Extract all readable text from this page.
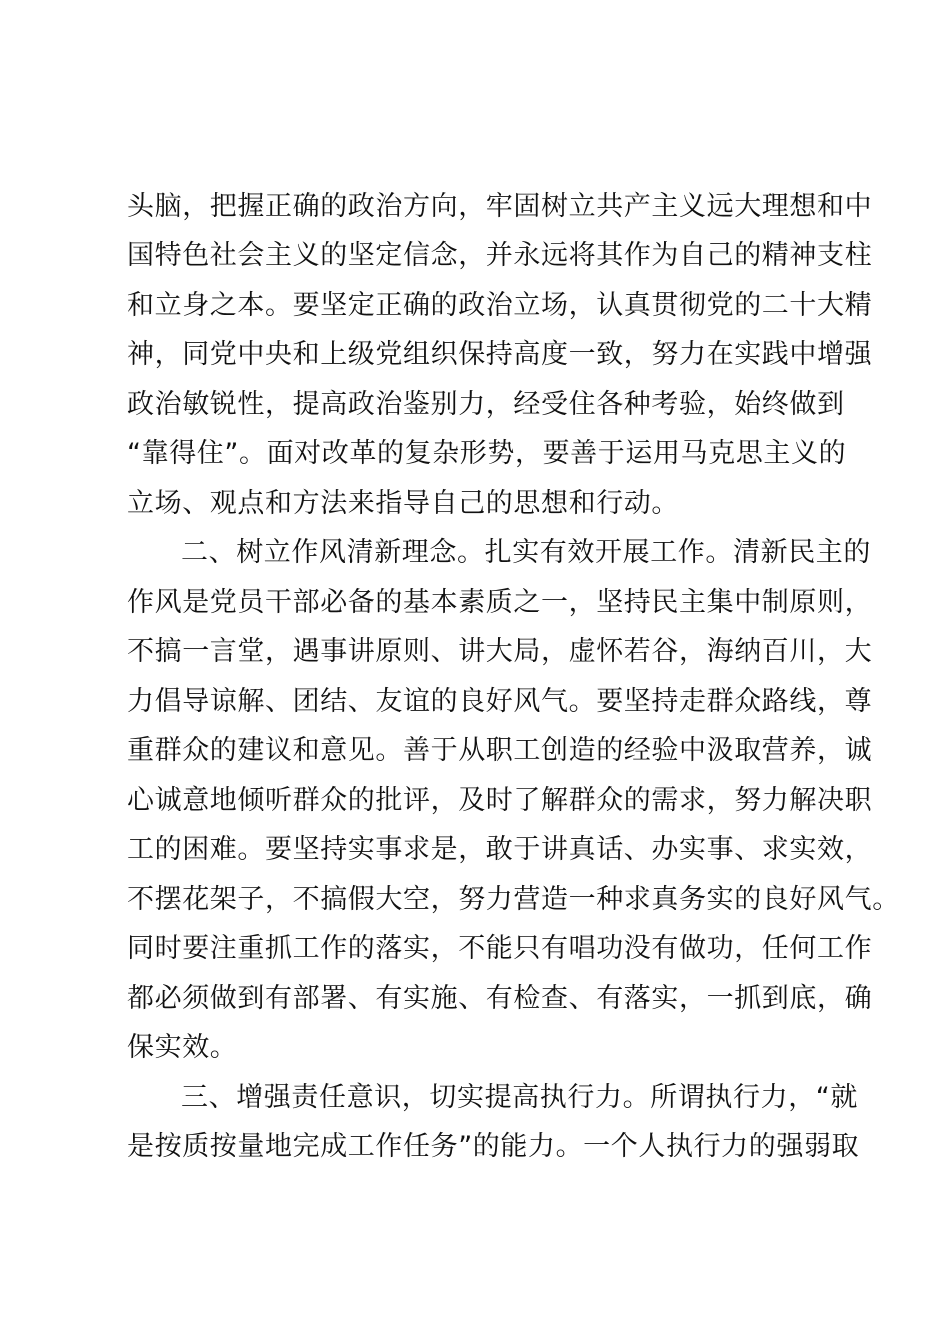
头脑，把握正确的政治方向，牢固树立共产主义远大理想和中
国特色社会主义的坚定信念，并永远将其作为自己的精神支柱
和立身之本。要坚定正确的政治立场，认真贯彻党的二十大精
神，同党中央和上级党组织保持高度一致，努力在实践中增强
政治敏锐性，提高政治鉴别力，经受住各种考验，始终做到
“靠得住”。面对改革的复杂形势，要善于运用马克思主义的
立场、观点和方法来指导自己的思想和行动。
二、树立作风清新理念。扎实有效开展工作。清新民主的
作风是党员干部必备的基本素质之一，坚持民主集中制原则，
不搞一言堂，遇事讲原则、讲大局，虚怀若谷，海纳百川，大
力倡导谅解、团结、友谊的良好风气。要坚持走群众路线，尊
重群众的建议和意见。善于从职工创造的经验中汲取营养，诚
心诚意地倾听群众的批评，及时了解群众的需求，努力解决职
工的困难。要坚持实事求是，敢于讲真话、办实事、求实效，
不摆花架子，不搞假大空，努力营造一种求真务实的良好风气。
同时要注重抓工作的落实，不能只有唱功没有做功，任何工作
都必须做到有部署、有实施、有检查、有落实，一抓到底，确
保实效。
三、增强责任意识，切实提高执行力。所谓执行力，“就
是按质按量地完成工作任务”的能力。一个人执行力的强弱取
